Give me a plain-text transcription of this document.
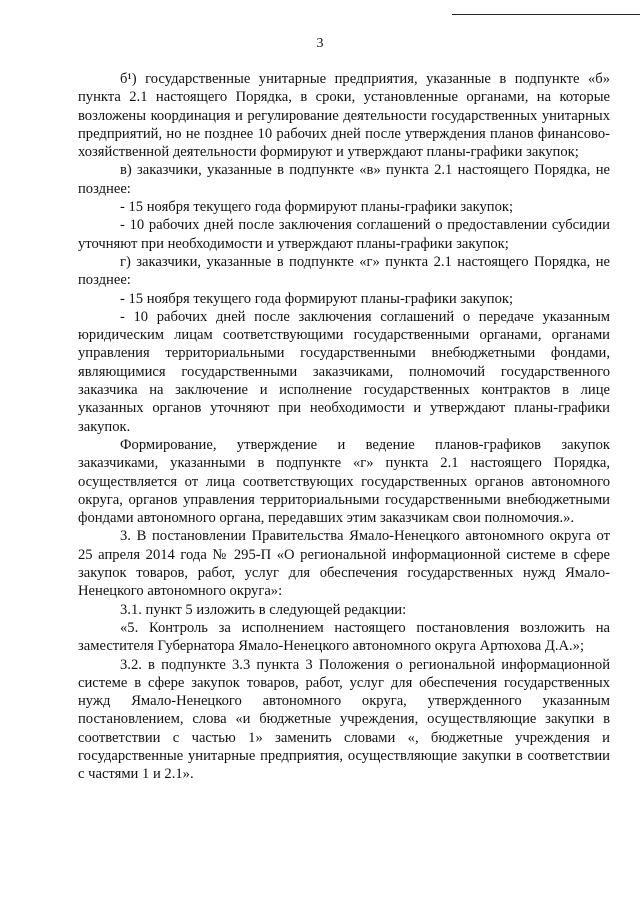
3

б¹) государственные унитарные предприятия, указанные в подпункте «б» пункта 2.1 настоящего Порядка, в сроки, установленные органами, на которые возложены координация и регулирование деятельности государственных унитарных предприятий, но не позднее 10 рабочих дней после утверждения планов финансово-хозяйственной деятельности формируют и утверждают планы-графики закупок;

в) заказчики, указанные в подпункте «в» пункта 2.1 настоящего Порядка, не позднее:

- 15 ноября текущего года формируют планы-графики закупок;

- 10 рабочих дней после заключения соглашений о предоставлении субсидии уточняют при необходимости и утверждают планы-графики закупок;

г) заказчики, указанные в подпункте «г» пункта 2.1 настоящего Порядка, не позднее:

- 15 ноября текущего года формируют планы-графики закупок;

- 10 рабочих дней после заключения соглашений о передаче указанным юридическим лицам соответствующими государственными органами, органами управления территориальными государственными внебюджетными фондами, являющимися государственными заказчиками, полномочий государственного заказчика на заключение и исполнение государственных контрактов в лице указанных органов уточняют при необходимости и утверждают планы-графики закупок.

Формирование, утверждение и ведение планов-графиков закупок заказчиками, указанными в подпункте «г» пункта 2.1 настоящего Порядка, осуществляется от лица соответствующих государственных органов автономного округа, органов управления территориальными государственными внебюджетными фондами автономного органа, передавших этим заказчикам свои полномочия.».

3. В постановлении Правительства Ямало-Ненецкого автономного округа от 25 апреля 2014 года № 295-П «О региональной информационной системе в сфере закупок товаров, работ, услуг для обеспечения государственных нужд Ямало-Ненецкого автономного округа»:

3.1. пункт 5 изложить в следующей редакции:

«5. Контроль за исполнением настоящего постановления возложить на заместителя Губернатора Ямало-Ненецкого автономного округа Артюхова Д.А.»;

3.2. в подпункте 3.3 пункта 3 Положения о региональной информационной системе в сфере закупок товаров, работ, услуг для обеспечения государственных нужд Ямало-Ненецкого автономного округа, утвержденного указанным постановлением, слова «и бюджетные учреждения, осуществляющие закупки в соответствии с частью 1» заменить словами «, бюджетные учреждения и государственные унитарные предприятия, осуществляющие закупки в соответствии с частями 1 и 2.1».
